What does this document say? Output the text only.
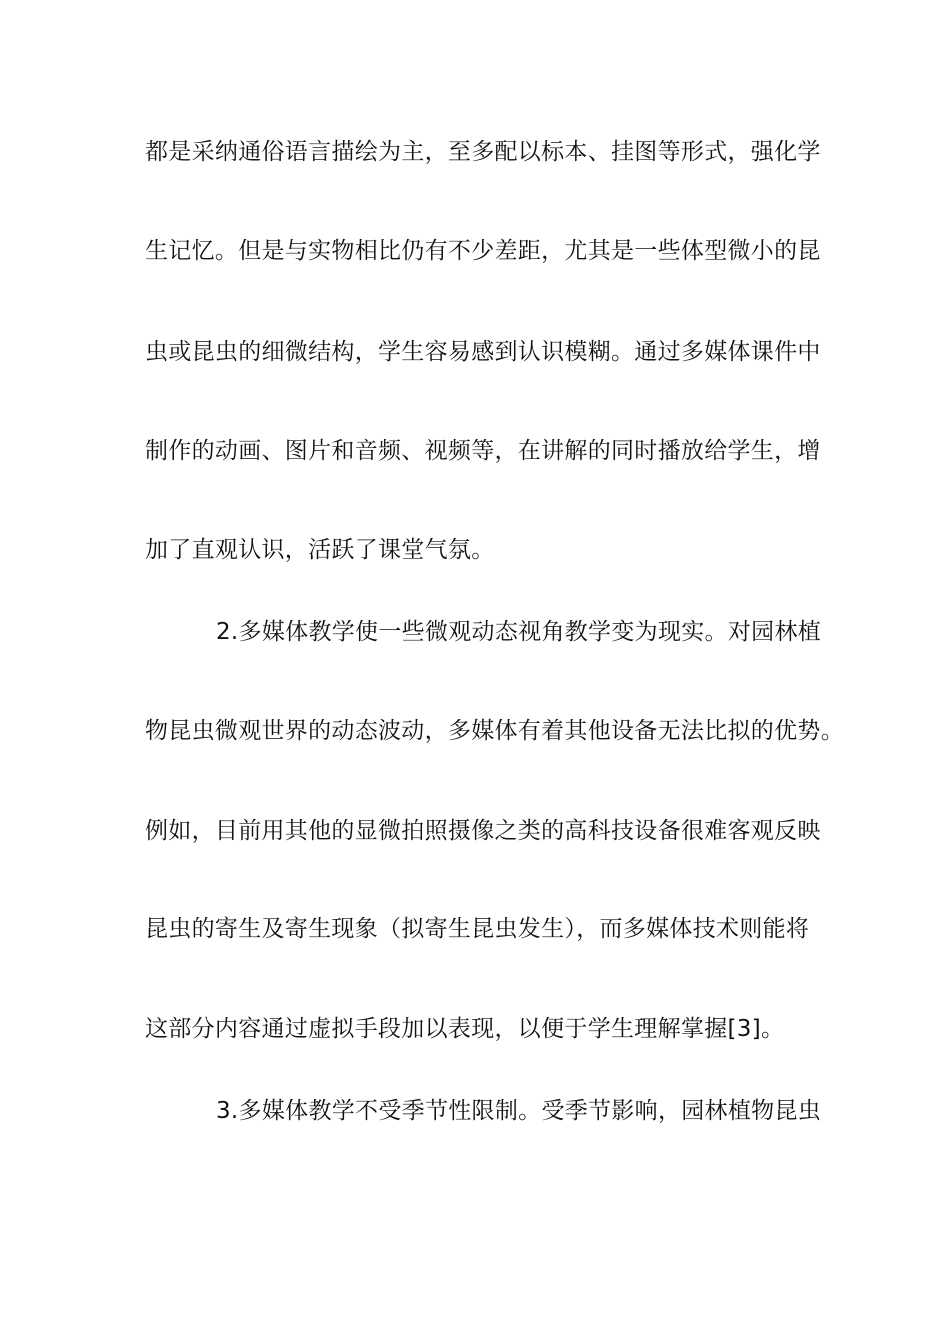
都是采纳通俗语言描绘为主，至多配以标本、挂图等形式，强化学
生记忆。但是与实物相比仍有不少差距，尤其是一些体型微小的昆
虫或昆虫的细微结构，学生容易感到认识模糊。通过多媒体课件中
制作的动画、图片和音频、视频等，在讲解的同时播放给学生，增
加了直观认识，活跃了课堂气氛。
2.多媒体教学使一些微观动态视角教学变为现实。对园林植
物昆虫微观世界的动态波动，多媒体有着其他设备无法比拟的优势。
例如，目前用其他的显微拍照摄像之类的高科技设备很难客观反映
昆虫的寄生及寄生现象（拟寄生昆虫发生），而多媒体技术则能将
这部分内容通过虚拟手段加以表现，以便于学生理解掌握[3]。
3.多媒体教学不受季节性限制。受季节影响，园林植物昆虫
